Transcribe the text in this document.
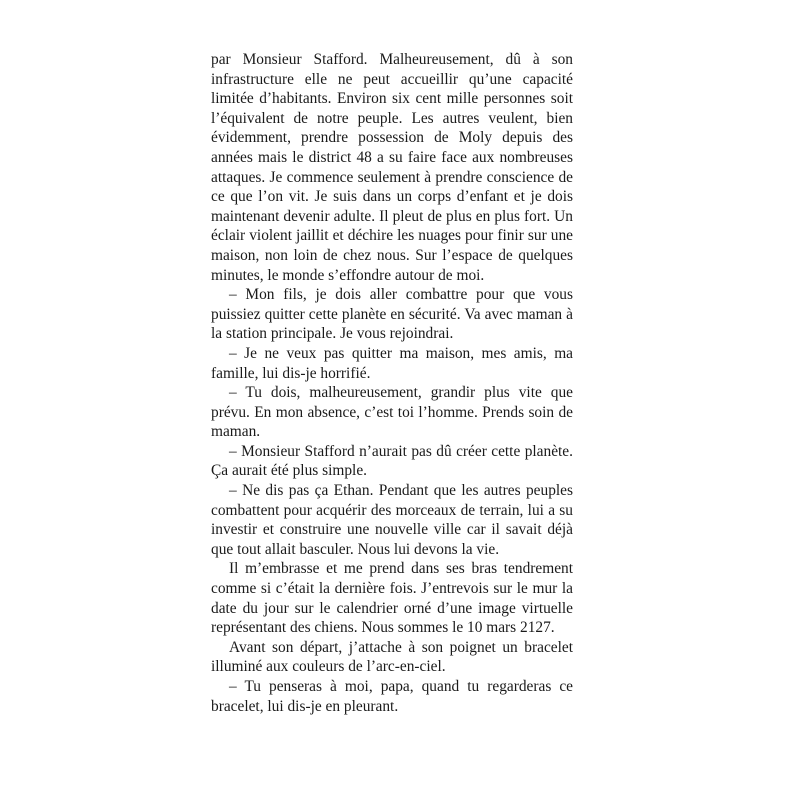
par Monsieur Stafford. Malheureusement, dû à son infrastructure elle ne peut accueillir qu’une capacité limitée d’habitants. Environ six cent mille personnes soit l’équivalent de notre peuple. Les autres veulent, bien évidemment, prendre possession de Moly depuis des années mais le district 48 a su faire face aux nombreuses attaques. Je commence seulement à prendre conscience de ce que l’on vit. Je suis dans un corps d’enfant et je dois maintenant devenir adulte. Il pleut de plus en plus fort. Un éclair violent jaillit et déchire les nuages pour finir sur une maison, non loin de chez nous. Sur l’espace de quelques minutes, le monde s’effondre autour de moi.

– Mon fils, je dois aller combattre pour que vous puissiez quitter cette planète en sécurité. Va avec maman à la station principale. Je vous rejoindrai.

– Je ne veux pas quitter ma maison, mes amis, ma famille, lui dis-je horrifié.

– Tu dois, malheureusement, grandir plus vite que prévu. En mon absence, c’est toi l’homme. Prends soin de maman.

– Monsieur Stafford n’aurait pas dû créer cette planète. Ça aurait été plus simple.

– Ne dis pas ça Ethan. Pendant que les autres peuples combattent pour acquérir des morceaux de terrain, lui a su investir et construire une nouvelle ville car il savait déjà que tout allait basculer. Nous lui devons la vie.

Il m’embrasse et me prend dans ses bras tendrement comme si c’était la dernière fois. J’entrevois sur le mur la date du jour sur le calendrier orné d’une image virtuelle représentant des chiens. Nous sommes le 10 mars 2127.

Avant son départ, j’attache à son poignet un bracelet illuminé aux couleurs de l’arc-en-ciel.

– Tu penseras à moi, papa, quand tu regarderas ce bracelet, lui dis-je en pleurant.
